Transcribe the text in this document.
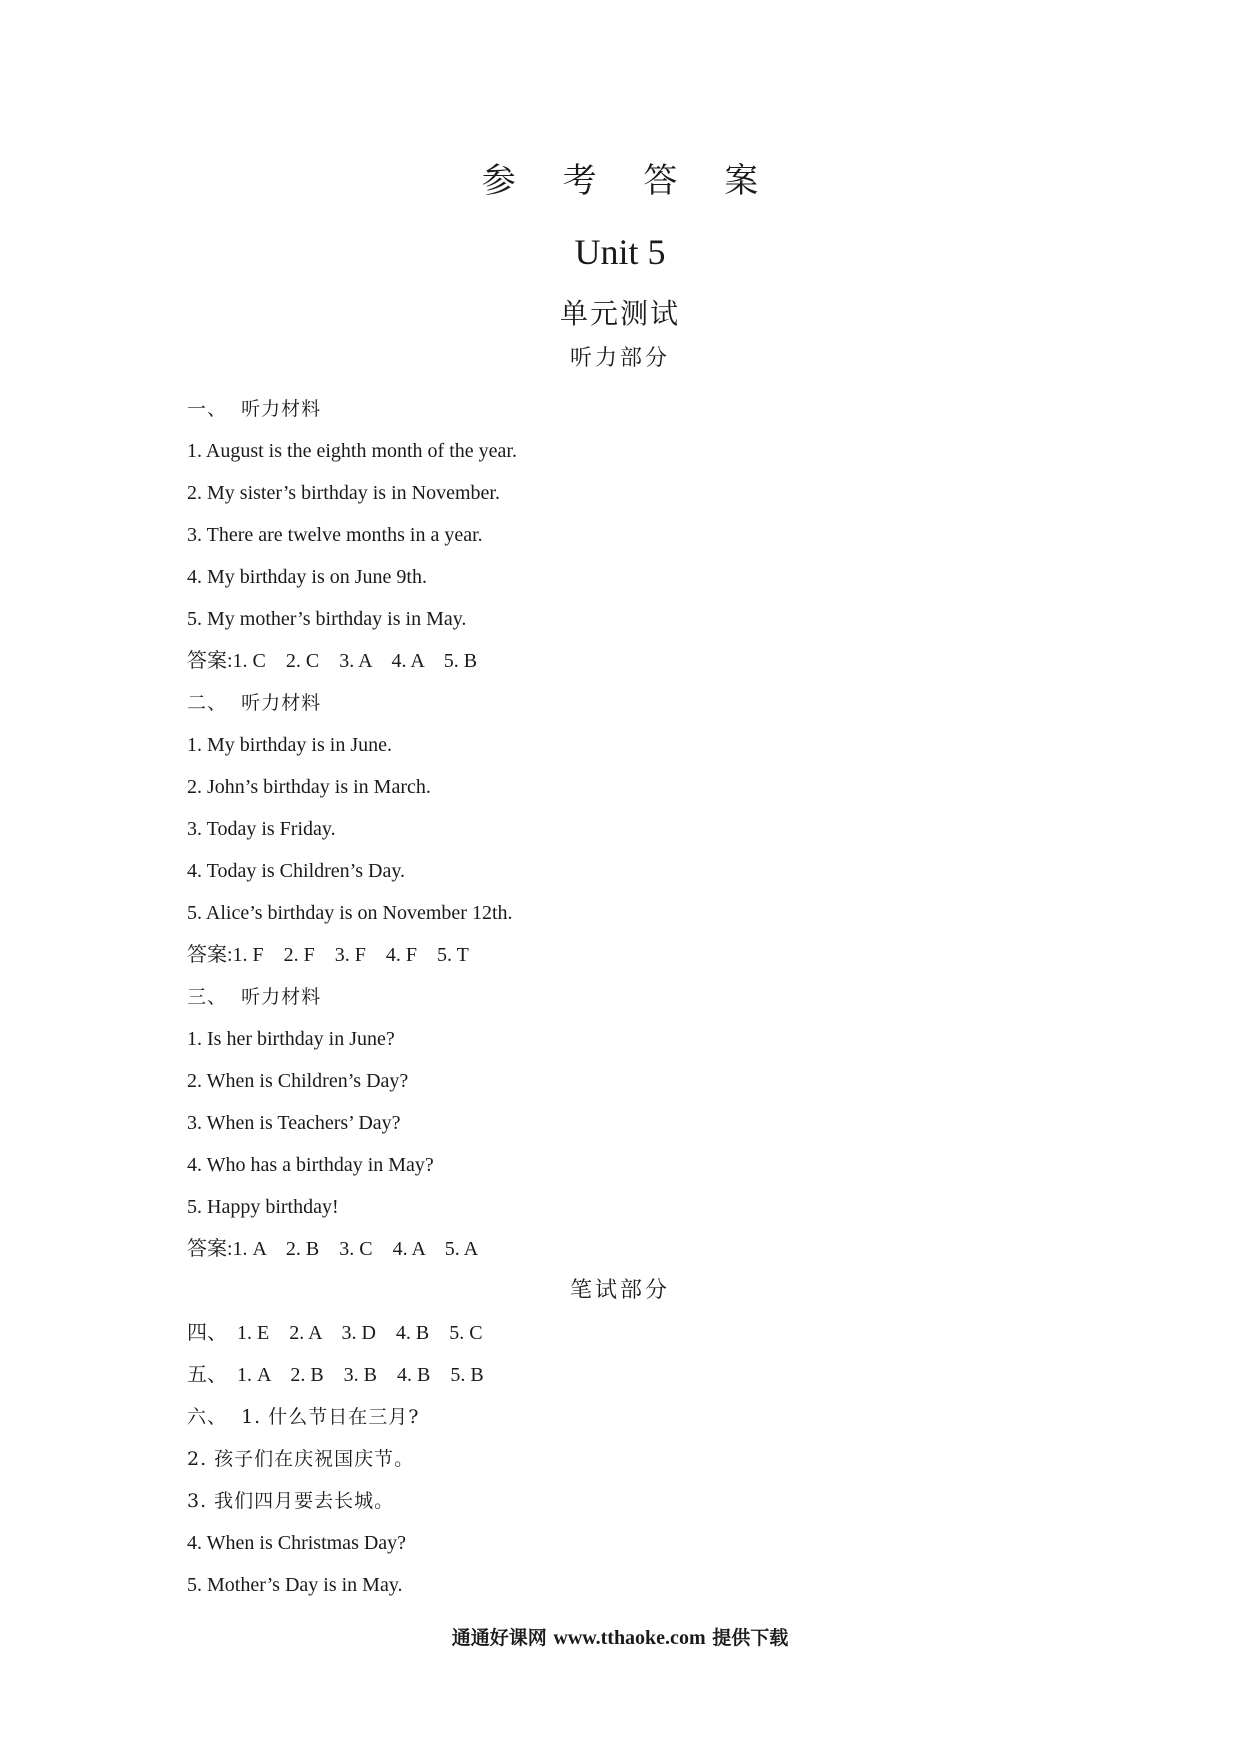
参 考 答 案
Unit 5
单元测试
听力部分
一、  听力材料
1. August is the eighth month of the year.
2. My sister’s birthday is in November.
3. There are twelve months in a year.
4. My birthday is on June 9th.
5. My mother’s birthday is in May.
答案:1. C    2. C    3. A    4. A    5. B
二、  听力材料
1. My birthday is in June.
2. John’s birthday is in March.
3. Today is Friday.
4. Today is Children’s Day.
5. Alice’s birthday is on November 12th.
答案:1. F    2. F    3. F    4. F    5. T
三、  听力材料
1. Is her birthday in June?
2. When is Children’s Day?
3. When is Teachers’ Day?
4. Who has a birthday in May?
5. Happy birthday!
答案:1. A    2. B    3. C    4. A    5. A
笔试部分
四、  1. E    2. A    3. D    4. B    5. C
五、  1. A    2. B    3. B    4. B    5. B
六、  1. 什么节日在三月?
2. 孩子们在庆祝国庆节。
3. 我们四月要去长城。
4. When is Christmas Day?
5. Mother’s Day is in May.
通通好课网 www.tthaoke.com 提供下载
